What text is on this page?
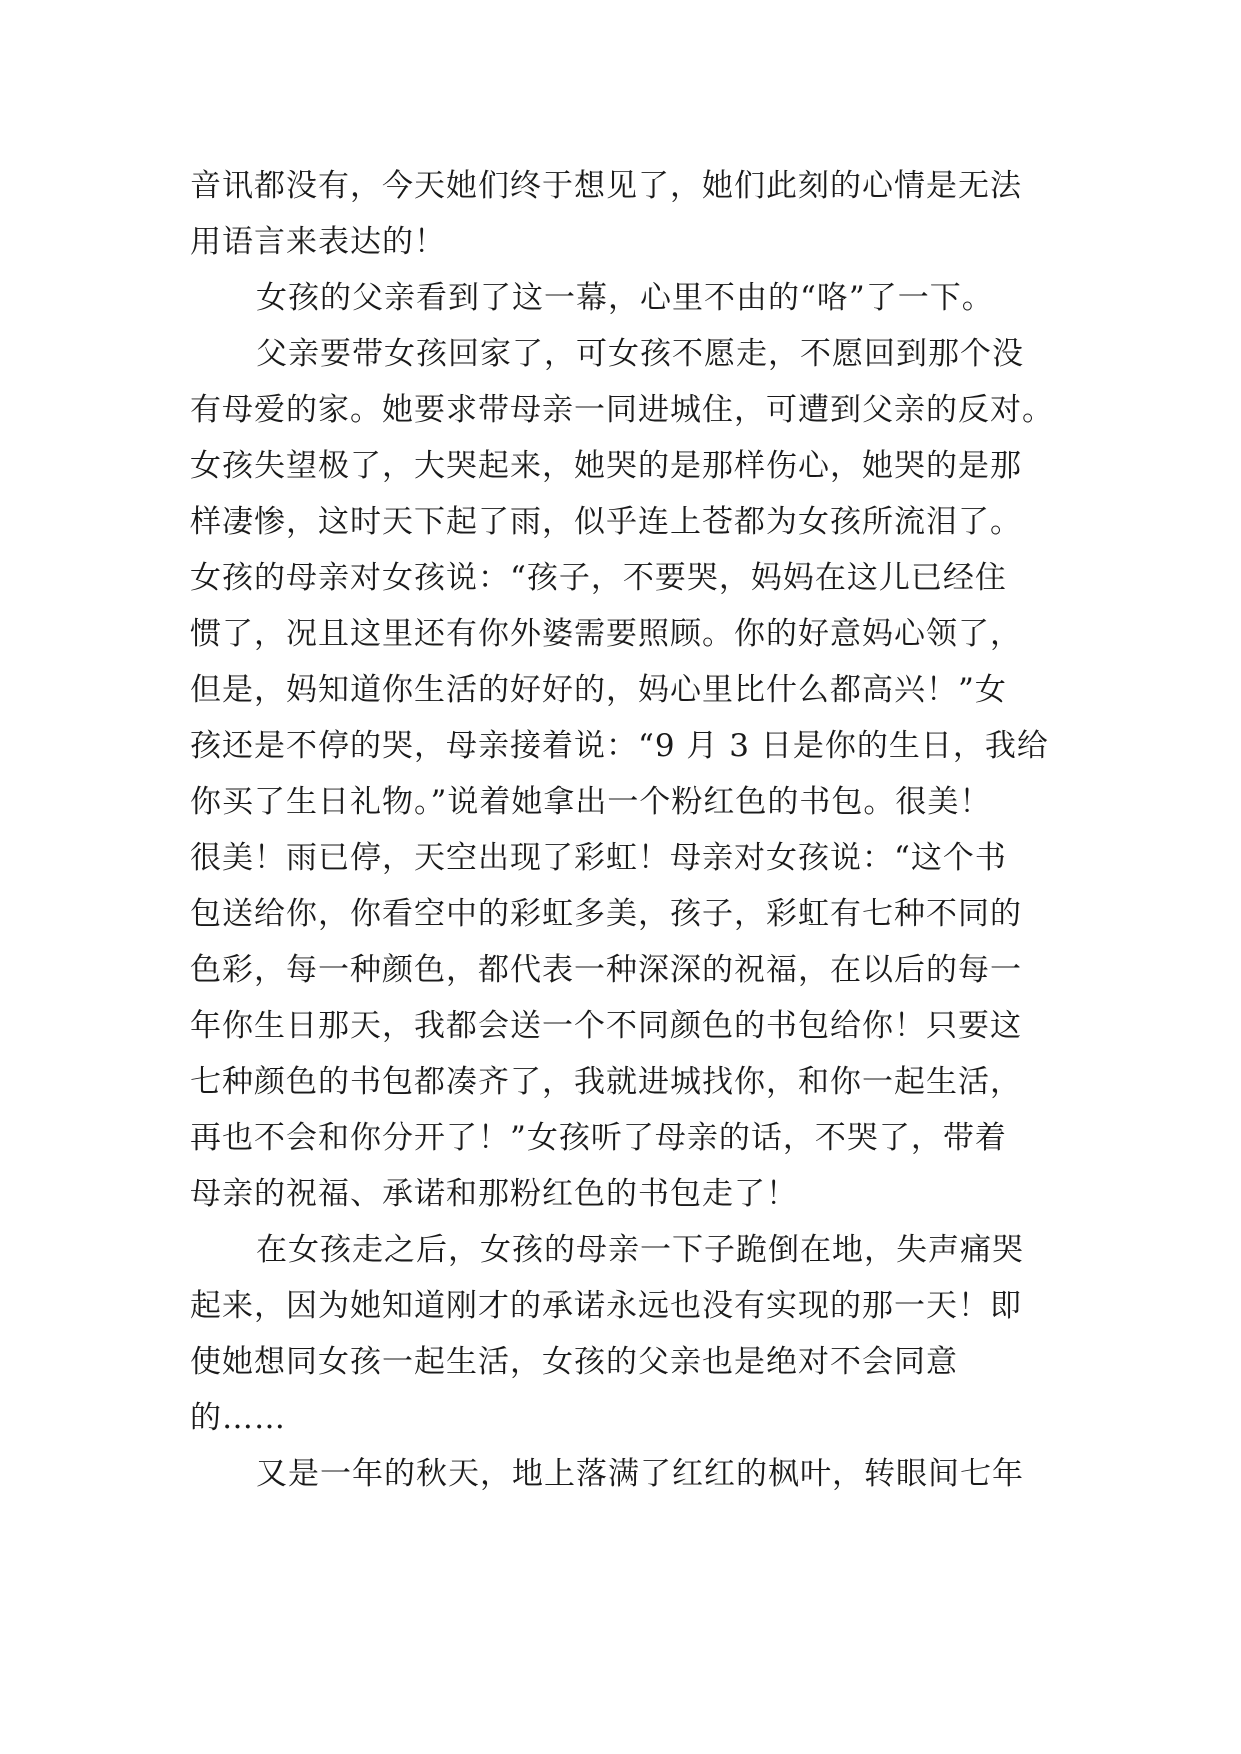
音讯都没有，今天她们终于想见了，她们此刻的心情是无法
用语言来表达的！
女孩的父亲看到了这一幕，心里不由的“咯”了一下。
父亲要带女孩回家了，可女孩不愿走，不愿回到那个没
有母爱的家。她要求带母亲一同进城住，可遭到父亲的反对。
女孩失望极了，大哭起来，她哭的是那样伤心，她哭的是那
样凄惨，这时天下起了雨，似乎连上苍都为女孩所流泪了。
女孩的母亲对女孩说：“孩子，不要哭，妈妈在这儿已经住
惯了，况且这里还有你外婆需要照顾。你的好意妈心领了，
但是，妈知道你生活的好好的，妈心里比什么都高兴！”女
孩还是不停的哭，母亲接着说：“9 月 3 日是你的生日，我给
你买了生日礼物。”说着她拿出一个粉红色的书包。很美！
很美！雨已停，天空出现了彩虹！母亲对女孩说：“这个书
包送给你，你看空中的彩虹多美，孩子，彩虹有七种不同的
色彩，每一种颜色，都代表一种深深的祝福，在以后的每一
年你生日那天，我都会送一个不同颜色的书包给你！只要这
七种颜色的书包都凑齐了，我就进城找你，和你一起生活，
再也不会和你分开了！”女孩听了母亲的话，不哭了，带着
母亲的祝福、承诺和那粉红色的书包走了！
在女孩走之后，女孩的母亲一下子跪倒在地，失声痛哭
起来，因为她知道刚才的承诺永远也没有实现的那一天！即
使她想同女孩一起生活，女孩的父亲也是绝对不会同意
的……
又是一年的秋天，地上落满了红红的枫叶，转眼间七年
